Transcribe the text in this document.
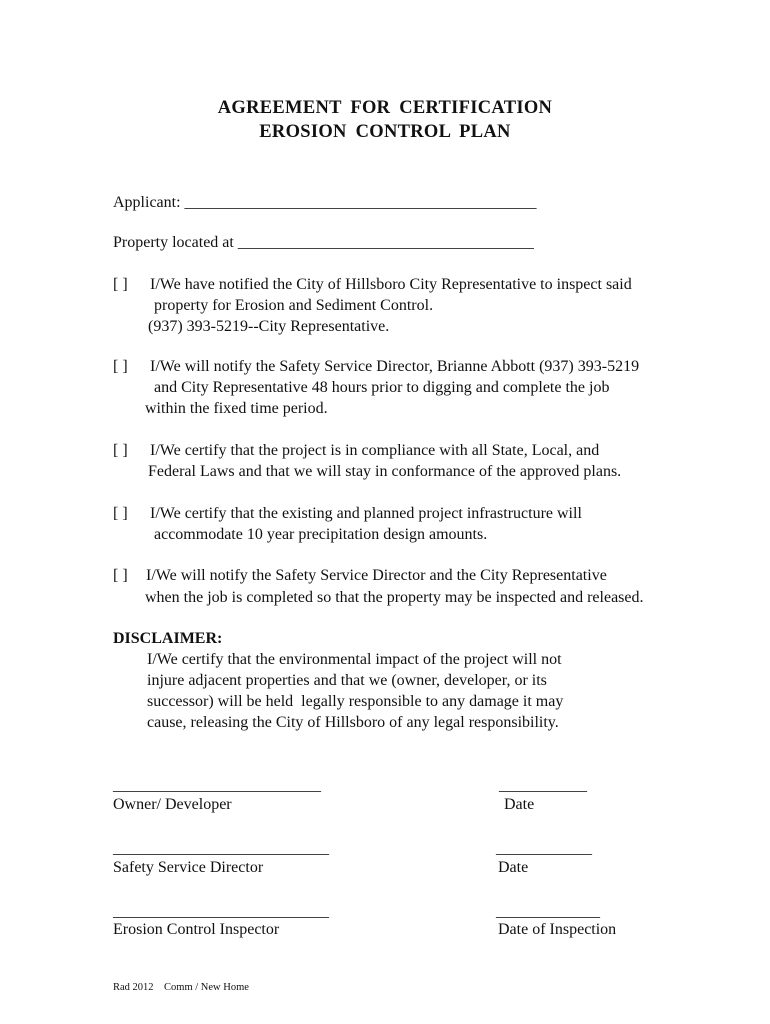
AGREEMENT FOR CERTIFICATION
EROSION CONTROL PLAN
Applicant: ____________________________________________
Property located at _____________________________________
[ ] I/We have notified the City of Hillsboro City Representative to inspect said
property for Erosion and Sediment Control.
(937) 393-5219--City Representative.
[ ] I/We will notify the Safety Service Director, Brianne Abbott (937) 393-5219
and City Representative 48 hours prior to digging and complete the job
within the fixed time period.
[ ] I/We certify that the project is in compliance with all State, Local, and
Federal Laws and that we will stay in conformance of the approved plans.
[ ] I/We certify that the existing and planned project infrastructure will
accommodate 10 year precipitation design amounts.
[ ] I/We will notify the Safety Service Director and the City Representative
when the job is completed so that the property may be inspected and released.
DISCLAIMER:
I/We certify that the environmental impact of the project will not
injure adjacent properties and that we (owner, developer, or its
successor) will be held  legally responsible to any damage it may
cause, releasing the City of Hillsboro of any legal responsibility.
__________________________
Owner/ Developer
___________
Date
___________________________
Safety Service Director
____________
Date
___________________________
Erosion Control Inspector
_____________
Date of Inspection
Rad 2012    Comm / New Home
